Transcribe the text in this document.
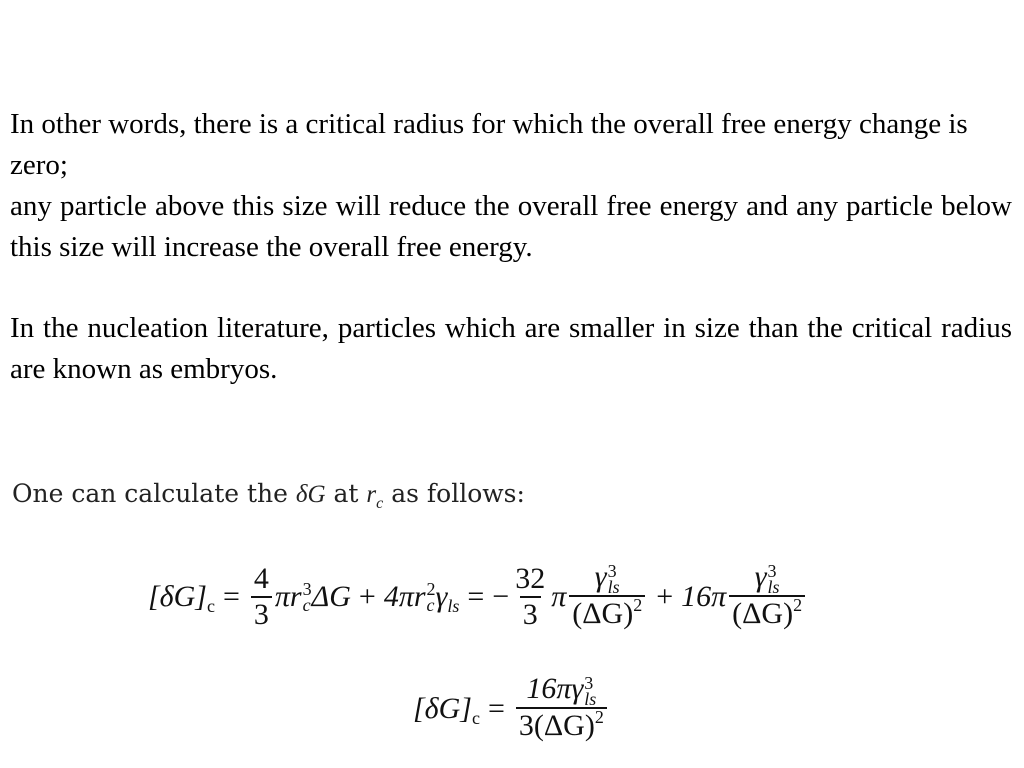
In other words, there is a critical radius for which the overall free energy change is zero;

any particle above this size will reduce the overall free energy and any particle below this size will increase the overall free energy.

In the nucleation literature, particles which are smaller in size than the critical radius are known as embryos.

One can calculate the δG at $r_c$ as follows:
[δG] $c = \frac{4}{3}$ πr 3
c ΔG + 4πr 2
c γ ls = − $\frac{32}{3}$ π γ 3
ls
$(\Delta G)^2 + 16\pi$ γ 3
ls
$(\Delta G)^2$
[δG] c = 16πγ 3
ls
$3(\Delta G)^2$
